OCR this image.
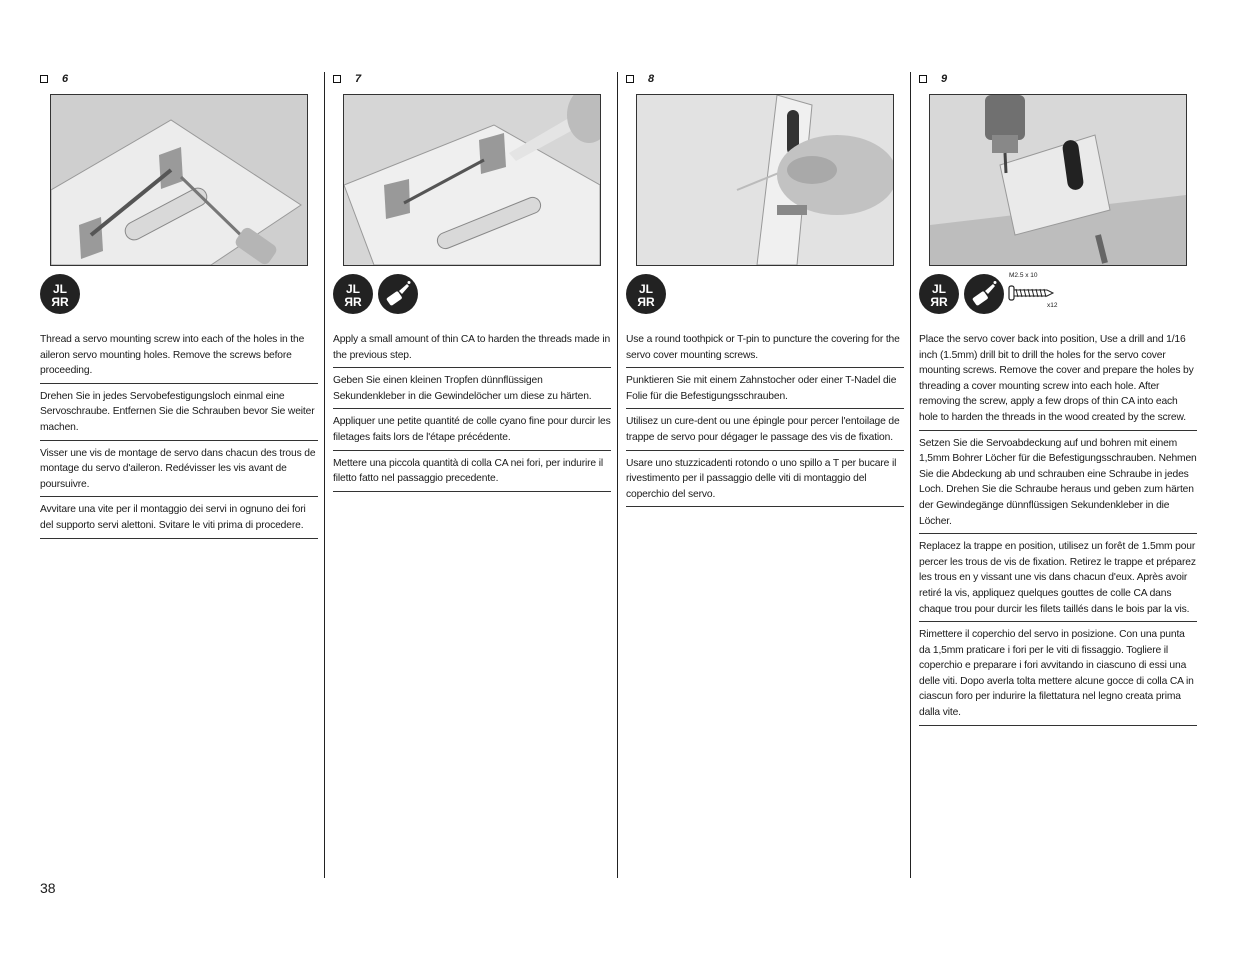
6
JL
ЯR
Thread a servo mounting screw into each of the holes in the aileron servo mounting holes. Remove the screws before proceeding.
Drehen Sie in jedes Servobefestigungsloch einmal eine Servoschraube. Entfernen Sie die Schrauben bevor Sie weiter machen.
Visser une vis de montage de servo dans chacun des trous de montage du servo d'aileron. Redévisser les vis avant de poursuivre.
Avvitare una vite per il montaggio dei servi in ognuno dei fori del supporto servi alettoni. Svitare le viti prima di procedere.
7
JL
ЯR
Apply a small amount of thin CA to harden the threads made in the previous step.
Geben Sie einen kleinen Tropfen dünnflüssigen Sekundenkleber in die Gewindelöcher um diese zu härten.
Appliquer une petite quantité de colle cyano fine pour durcir les filetages faits lors de l'étape précédente.
Mettere una piccola quantità di colla CA nei fori, per indurire il filetto fatto nel passaggio precedente.
8
JL
ЯR
Use a round toothpick or T-pin to puncture the covering for the servo cover mounting screws.
Punktieren Sie mit einem Zahnstocher oder einer T-Nadel die Folie für die Befestigungsschrauben.
Utilisez un cure-dent ou une épingle pour percer l'entoilage de trappe de servo pour dégager le passage des vis de fixation.
Usare uno stuzzicadenti rotondo o uno spillo a T per bucare il rivestimento per il passaggio delle viti di montaggio del coperchio del servo.
9
JL
ЯR
M2.5 x 10
x12
Place the servo cover back into position, Use a drill and 1/16 inch (1.5mm) drill bit to drill the holes for the servo cover mounting screws. Remove the cover and prepare the holes by threading a cover mounting screw into each hole. After removing the screw, apply a few drops of thin CA into each hole to harden the threads in the wood created by the screw.
Setzen Sie die Servoabdeckung auf und bohren mit einem 1,5mm Bohrer Löcher für die Befestigungsschrauben. Nehmen Sie die Abdeckung ab und schrauben eine Schraube in jedes Loch. Drehen Sie die Schraube heraus und geben zum härten der Gewindegänge dünnflüssigen Sekundenkleber in die Löcher.
Replacez la trappe en position, utilisez un forêt de 1.5mm pour percer les trous de vis de fixation. Retirez le trappe et préparez les trous en y vissant une vis dans chacun d'eux. Après avoir retiré la vis, appliquez quelques gouttes de colle CA dans chaque trou pour durcir les filets taillés dans le bois par la vis.
Rimettere il coperchio del servo in posizione. Con una punta da 1,5mm praticare i fori per le viti di fissaggio. Togliere il coperchio e preparare i fori avvitando in ciascuno di essi una delle viti. Dopo averla tolta mettere alcune gocce di colla CA in ciascun foro per indurire la filettatura nel legno creata prima dalla vite.
38
